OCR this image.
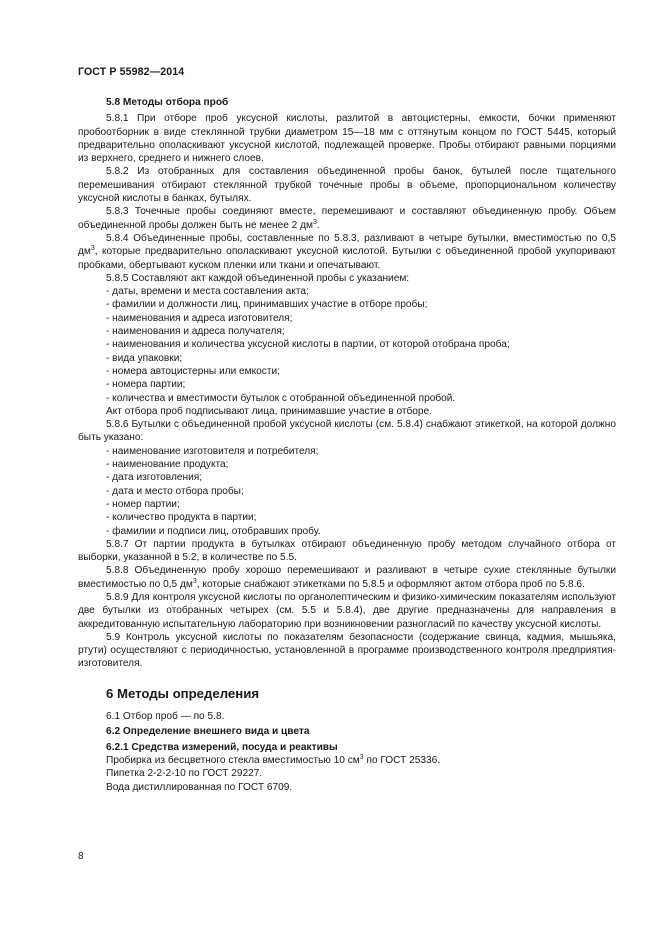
ГОСТ Р 55982—2014
5.8 Методы отбора проб

5.8.1 При отборе проб уксусной кислоты, разлитой в автоцистерны, емкости, бочки применяют пробоотборник в виде стеклянной трубки диаметром 15—18 мм с оттянутым концом по ГОСТ 5445, который предварительно ополаскивают уксусной кислотой, подлежащей проверке. Пробы отбирают равными порциями из верхнего, среднего и нижнего слоев.

5.8.2 Из отобранных для составления объединенной пробы банок, бутылей после тщательного перемешивания отбирают стеклянной трубкой точечные пробы в объеме, пропорциональном количеству уксусной кислоты в банках, бутылях.

5.8.3 Точечные пробы соединяют вместе, перемешивают и составляют объединенную пробу. Объем объединенной пробы должен быть не менее 2 $дм^3$.

5.8.4 Объединенные пробы, составленные по 5.8.3, разливают в четыре бутылки, вместимостью по 0,5 $дм^3$, которые предварительно ополаскивают уксусной кислотой. Бутылки с объединенной пробой укупоривают пробками, обертывают куском пленки или ткани и опечатывают.

5.8.5 Составляют акт каждой объединенной пробы с указанием:

- даты, времени и места составления акта;

- фамилии и должности лиц, принимавших участие в отборе пробы;

- наименования и адреса изготовителя;

- наименования и адреса получателя;

- наименования и количества уксусной кислоты в партии, от которой отобрана проба;

- вида упаковки;

- номера автоцистерны или емкости;

- номера партии;

- количества и вместимости бутылок с отобранной объединенной пробой.

Акт отбора проб подписывают лица, принимавшие участие в отборе.

5.8.6 Бутылки с объединенной пробой уксусной кислоты (см. 5.8.4) снабжают этикеткой, на которой должно быть указано:

- наименование изготовителя и потребителя;

- наименование продукта;

- дата изготовления;

- дата и место отбора пробы;

- номер партии;

- количество продукта в партии;

- фамилии и подписи лиц, отобравших пробу.

5.8.7 От партии продукта в бутылках отбирают объединенную пробу методом случайного отбора от выборки, указанной в 5.2, в количестве по 5.5.

5.8.8 Объединенную пробу хорошо перемешивают и разливают в четыре сухие стеклянные бутылки вместимостью по 0,5 $дм^3$, которые снабжают этикетками по 5.8.5 и оформляют актом отбора проб по 5.8.6.

5.8.9 Для контроля уксусной кислоты по органолептическим и физико-химическим показателям используют две бутылки из отобранных четырех (см. 5.5 и 5.8.4), две другие предназначены для направления в аккредитованную испытательную лабораторию при возникновении разногласий по качеству уксусной кислоты.

5.9 Контроль уксусной кислоты по показателям безопасности (содержание свинца, кадмия, мышьяка, ртути) осуществляют с периодичностью, установленной в программе производственного контроля предприятия-изготовителя.

6 Методы определения

6.1 Отбор проб — по 5.8.

6.2 Определение внешнего вида и цвета
6.2.1 Средства измерений, посуда и реактивы

Пробирка из бесцветного стекла вместимостью 10 $см^3$ по ГОСТ 25336.

Пипетка 2-2-2-10 по ГОСТ 29227.

Вода дистиллированная по ГОСТ 6709.

8
